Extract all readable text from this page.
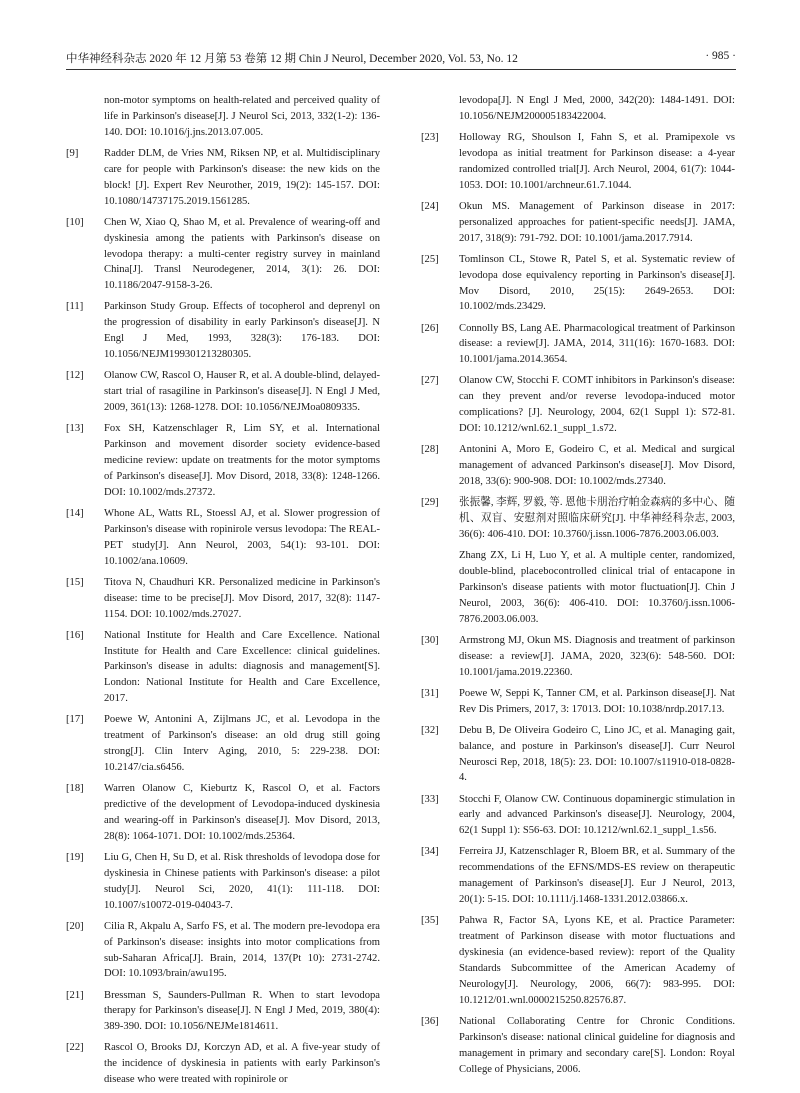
中华神经科杂志 2020 年 12 月第 53 卷第 12 期 Chin J Neurol, December 2020, Vol. 53, No. 12	· 985 ·
non-motor symptoms on health-related and perceived quality of life in Parkinson's disease[J]. J Neurol Sci, 2013, 332(1-2): 136-140. DOI: 10.1016/j.jns.2013.07.005.
[9]	Radder DLM, de Vries NM, Riksen NP, et al. Multidisciplinary care for people with Parkinson's disease: the new kids on the block! [J]. Expert Rev Neurother, 2019, 19(2): 145-157. DOI: 10.1080/14737175.2019.1561285.
[10]	Chen W, Xiao Q, Shao M, et al. Prevalence of wearing-off and dyskinesia among the patients with Parkinson's disease on levodopa therapy: a multi-center registry survey in mainland China[J]. Transl Neurodegener, 2014, 3(1): 26. DOI: 10.1186/2047-9158-3-26.
[11]	Parkinson Study Group. Effects of tocopherol and deprenyl on the progression of disability in early Parkinson's disease[J]. N Engl J Med, 1993, 328(3): 176-183. DOI: 10.1056/NEJM199301213280305.
[12]	Olanow CW, Rascol O, Hauser R, et al. A double-blind, delayed-start trial of rasagiline in Parkinson's disease[J]. N Engl J Med, 2009, 361(13): 1268-1278. DOI: 10.1056/NEJMoa0809335.
[13]	Fox SH, Katzenschlager R, Lim SY, et al. International Parkinson and movement disorder society evidence-based medicine review: update on treatments for the motor symptoms of Parkinson's disease[J]. Mov Disord, 2018, 33(8): 1248-1266. DOI: 10.1002/mds.27372.
[14]	Whone AL, Watts RL, Stoessl AJ, et al. Slower progression of Parkinson's disease with ropinirole versus levodopa: The REAL-PET study[J]. Ann Neurol, 2003, 54(1): 93-101. DOI: 10.1002/ana.10609.
[15]	Titova N, Chaudhuri KR. Personalized medicine in Parkinson's disease: time to be precise[J]. Mov Disord, 2017, 32(8): 1147-1154. DOI: 10.1002/mds.27027.
[16]	National Institute for Health and Care Excellence. National Institute for Health and Care Excellence: clinical guidelines. Parkinson's disease in adults: diagnosis and management[S]. London: National Institute for Health and Care Excellence, 2017.
[17]	Poewe W, Antonini A, Zijlmans JC, et al. Levodopa in the treatment of Parkinson's disease: an old drug still going strong[J]. Clin Interv Aging, 2010, 5: 229-238. DOI: 10.2147/cia.s6456.
[18]	Warren Olanow C, Kieburtz K, Rascol O, et al. Factors predictive of the development of Levodopa-induced dyskinesia and wearing-off in Parkinson's disease[J]. Mov Disord, 2013, 28(8): 1064-1071. DOI: 10.1002/mds.25364.
[19]	Liu G, Chen H, Su D, et al. Risk thresholds of levodopa dose for dyskinesia in Chinese patients with Parkinson's disease: a pilot study[J]. Neurol Sci, 2020, 41(1): 111-118. DOI: 10.1007/s10072-019-04043-7.
[20]	Cilia R, Akpalu A, Sarfo FS, et al. The modern pre-levodopa era of Parkinson's disease: insights into motor complications from sub-Saharan Africa[J]. Brain, 2014, 137(Pt 10): 2731-2742. DOI: 10.1093/brain/awu195.
[21]	Bressman S, Saunders-Pullman R. When to start levodopa therapy for Parkinson's disease[J]. N Engl J Med, 2019, 380(4): 389-390. DOI: 10.1056/NEJMe1814611.
[22]	Rascol O, Brooks DJ, Korczyn AD, et al. A five-year study of the incidence of dyskinesia in patients with early Parkinson's disease who were treated with ropinirole or
levodopa[J]. N Engl J Med, 2000, 342(20): 1484-1491. DOI: 10.1056/NEJM200005183422004.
[23]	Holloway RG, Shoulson I, Fahn S, et al. Pramipexole vs levodopa as initial treatment for Parkinson disease: a 4-year randomized controlled trial[J]. Arch Neurol, 2004, 61(7): 1044-1053. DOI: 10.1001/archneur.61.7.1044.
[24]	Okun MS. Management of Parkinson disease in 2017: personalized approaches for patient-specific needs[J]. JAMA, 2017, 318(9): 791-792. DOI: 10.1001/jama.2017.7914.
[25]	Tomlinson CL, Stowe R, Patel S, et al. Systematic review of levodopa dose equivalency reporting in Parkinson's disease[J]. Mov Disord, 2010, 25(15): 2649-2653. DOI: 10.1002/mds.23429.
[26]	Connolly BS, Lang AE. Pharmacological treatment of Parkinson disease: a review[J]. JAMA, 2014, 311(16): 1670-1683. DOI: 10.1001/jama.2014.3654.
[27]	Olanow CW, Stocchi F. COMT inhibitors in Parkinson's disease: can they prevent and/or reverse levodopa-induced motor complications? [J]. Neurology, 2004, 62(1 Suppl 1): S72-81. DOI: 10.1212/wnl.62.1_suppl_1.s72.
[28]	Antonini A, Moro E, Godeiro C, et al. Medical and surgical management of advanced Parkinson's disease[J]. Mov Disord, 2018, 33(6): 900-908. DOI: 10.1002/mds.27340.
[29]	张振馨, 李辉, 罗毅, 等. 恩他卡朋治疗帕金森病的多中心、随机、双盲、安慰剂对照临床研究[J]. 中华神经科杂志, 2003, 36(6): 406-410. DOI: 10.3760/j.issn.1006-7876.2003.06.003.
Zhang ZX, Li H, Luo Y, et al. A multiple center, randomized, double-blind, placebocontrolled clinical trial of entacapone in Parkinson's disease patients with motor fluctuation[J]. Chin J Neurol, 2003, 36(6): 406-410. DOI: 10.3760/j.issn.1006-7876.2003.06.003.
[30]	Armstrong MJ, Okun MS. Diagnosis and treatment of parkinson disease: a review[J]. JAMA, 2020, 323(6): 548-560. DOI: 10.1001/jama.2019.22360.
[31]	Poewe W, Seppi K, Tanner CM, et al. Parkinson disease[J]. Nat Rev Dis Primers, 2017, 3: 17013. DOI: 10.1038/nrdp.2017.13.
[32]	Debu B, De Oliveira Godeiro C, Lino JC, et al. Managing gait, balance, and posture in Parkinson's disease[J]. Curr Neurol Neurosci Rep, 2018, 18(5): 23. DOI: 10.1007/s11910-018-0828-4.
[33]	Stocchi F, Olanow CW. Continuous dopaminergic stimulation in early and advanced Parkinson's disease[J]. Neurology, 2004, 62(1 Suppl 1): S56-63. DOI: 10.1212/wnl.62.1_suppl_1.s56.
[34]	Ferreira JJ, Katzenschlager R, Bloem BR, et al. Summary of the recommendations of the EFNS/MDS-ES review on therapeutic management of Parkinson's disease[J]. Eur J Neurol, 2013, 20(1): 5-15. DOI: 10.1111/j.1468-1331.2012.03866.x.
[35]	Pahwa R, Factor SA, Lyons KE, et al. Practice Parameter: treatment of Parkinson disease with motor fluctuations and dyskinesia (an evidence-based review): report of the Quality Standards Subcommittee of the American Academy of Neurology[J]. Neurology, 2006, 66(7): 983-995. DOI: 10.1212/01.wnl.0000215250.82576.87.
[36]	National Collaborating Centre for Chronic Conditions. Parkinson's disease: national clinical guideline for diagnosis and management in primary and secondary care[S]. London: Royal College of Physicians, 2006.
